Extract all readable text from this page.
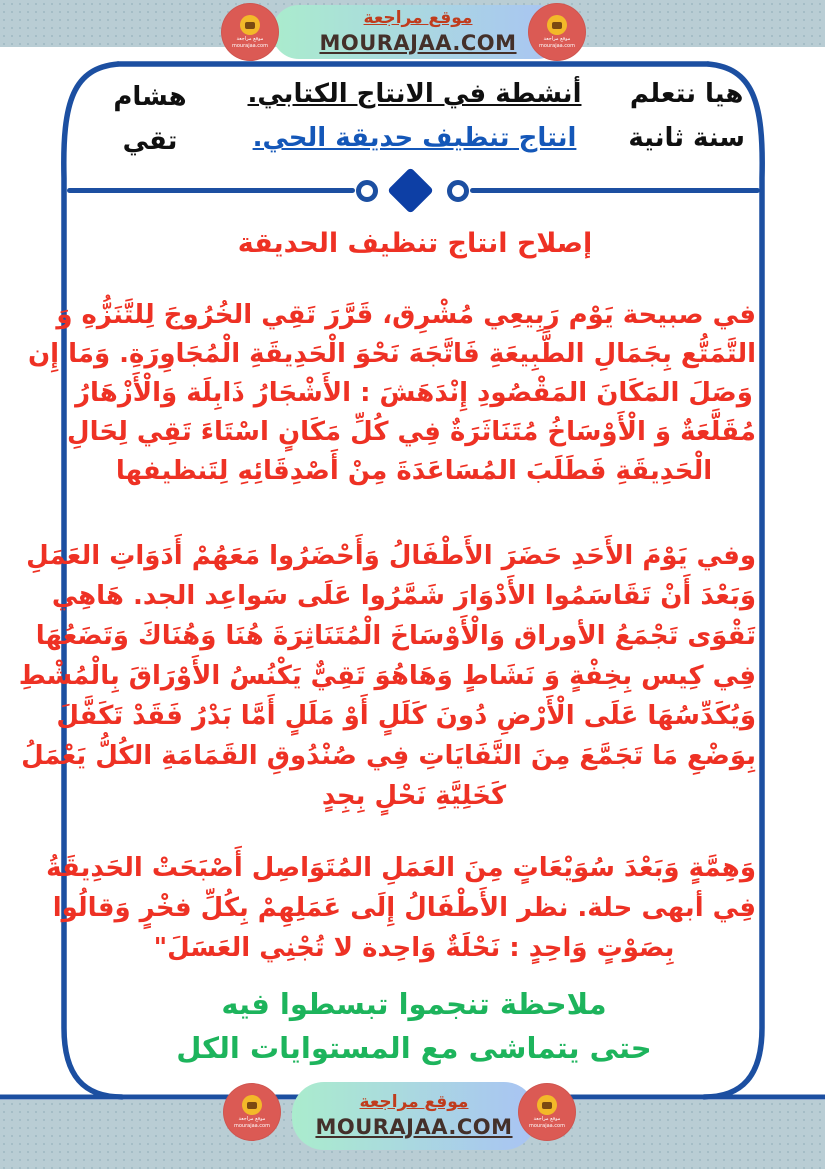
موقع مراجعة
MOURAJAA.COM
موقع مراجعة
mourajaa.com
موقع مراجعة
mourajaa.com
هيا نتعلم
سنة ثانية
أنشطة في الانتاج الكتابي.
انتاج تنظيف حديقة الحي.
هشام
تقي
إصلاح انتاج تنظيف الحديقة
في صبيحة يَوْم رَبِيعِي مُشْرِق، قَرَّرَ تَقِي الخُرُوجَ لِلتَّنَزُّهِ وَ
التَّمَتُّع بِجَمَالِ الطَّبِيعَةِ فَاتَّجَهَ نَحْوَ الْحَدِيقَةِ الْمُجَاوِرَةِ. وَمَا إِن
وَصَلَ المَكَانَ المَقْصُودِ إِنْدَهَشَ : الأَشْجَارُ ذَابِلَة وَالْأَزْهَارُ
مُقَلَّعَةٌ وَ الْأَوْسَاخُ مُتَنَاثَرَةٌ فِي كُلِّ مَكَانٍ اسْتَاءَ تَقِي لِحَالِ
الْحَدِيقَةِ فَطَلَبَ المُسَاعَدَةَ مِنْ أَصْدِقَائِهِ لِتَنظيفها
وفي يَوْمَ الأَحَدِ حَضَرَ الأَطْفَالُ وَأَحْضَرُوا مَعَهُمْ أَدَوَاتِ العَمَلِ
وَبَعْدَ أَنْ تَقَاسَمُوا الأَدْوَارَ شَمَّرُوا عَلَى سَواعِد الجد. هَاهِي
تَقْوَى تَجْمَعُ الأوراق وَالْأَوْسَاخَ الْمُتَنَاثِرَةَ هُنَا وَهُنَاكَ وَتَضَعُهَا
فِي كِيس بِخِفْةٍ وَ نَشَاطٍ وَهَاهُوَ تَقِيٌّ يَكْنُسُ الأَوْرَاقَ بِالْمُشْطِ
وَيُكَدِّسُهَا عَلَى الْأَرْضِ دُونَ كَلَلٍ أَوْ مَلَلٍ أَمَّا بَدْرُ فَقَدْ تَكَفَّلَ
بِوَضْعِ مَا تَجَمَّعَ مِنَ النَّفَايَاتِ فِي صُنْدُوقِ القَمَامَةِ الكُلُّ يَعْمَلُ
كَخَلِيَّةِ نَحْلٍ بِجِدٍ
وَهِمَّةٍ وَبَعْدَ سُوَيْعَاتٍ مِنَ العَمَلِ المُتَوَاصِل أَصْبَحَتْ الحَدِيقَةُ
فِي أبهى حلة. نظر الأَطْفَالُ إِلَى عَمَلِهِمْ بِكُلِّ فخْرٍ وَقالُوا
بِصَوْتٍ وَاحِدٍ : نَحْلَةٌ وَاحِدة لا تُجْنِي العَسَلَ"
ملاحظة تنجموا تبسطوا فيه
حتى يتماشى مع المستوايات الكل
موقع مراجعة
MOURAJAA.COM
موقع مراجعة
mourajaa.com
موقع مراجعة
mourajaa.com
